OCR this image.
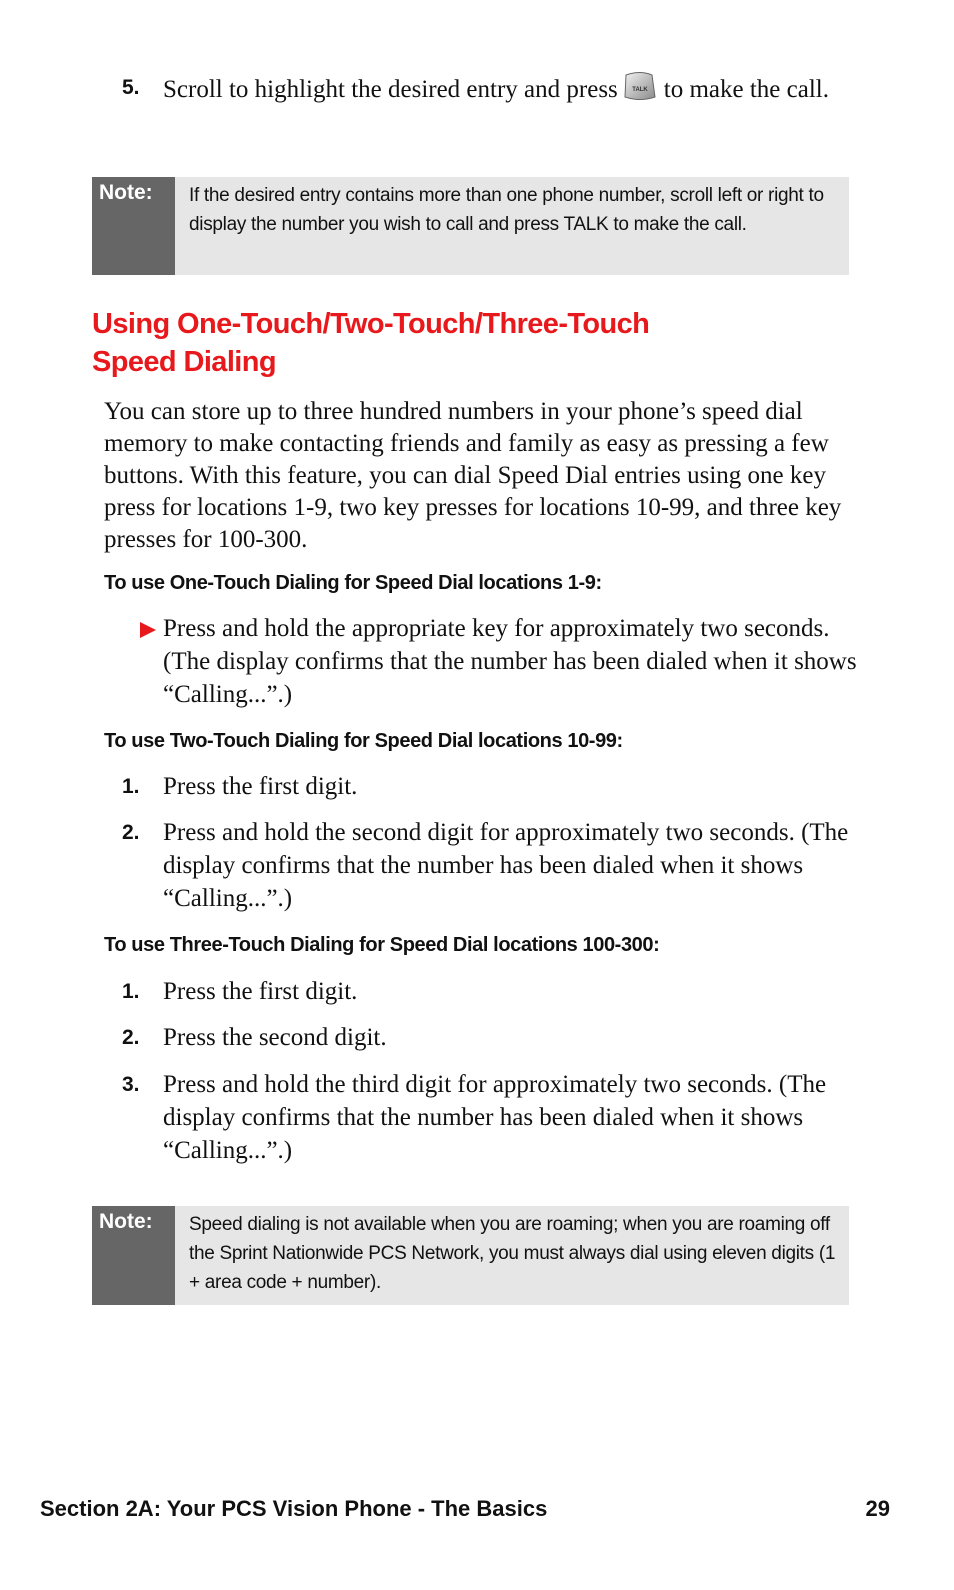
5. Scroll to highlight the desired entry and press TALK to make the call.
Note:	If the desired entry contains more than one phone number, scroll left or right to display the number you wish to call and press TALK to make the call.
Using One-Touch/Two-Touch/Three-Touch
Speed Dialing
You can store up to three hundred numbers in your phone’s speed dial memory to make contacting friends and family as easy as pressing a few buttons. With this feature, you can dial Speed Dial entries using one key press for locations 1-9, two key presses for locations 10-99, and three key presses for 100-300.
To use One-Touch Dialing for Speed Dial locations 1-9:
Press and hold the appropriate key for approximately two seconds. (The display confirms that the number has been dialed when it shows “Calling...”.)
To use Two-Touch Dialing for Speed Dial locations 10-99:
1. Press the first digit.
2. Press and hold the second digit for approximately two seconds. (The display confirms that the number has been dialed when it shows “Calling...”.)
To use Three-Touch Dialing for Speed Dial locations 100-300:
1. Press the first digit.
2. Press the second digit.
3. Press and hold the third digit for approximately two seconds. (The display confirms that the number has been dialed when it shows “Calling...”.)
Note:	Speed dialing is not available when you are roaming; when you are roaming off the Sprint Nationwide PCS Network, you must always dial using eleven digits (1 + area code + number).
Section 2A: Your PCS Vision Phone - The Basics	29
